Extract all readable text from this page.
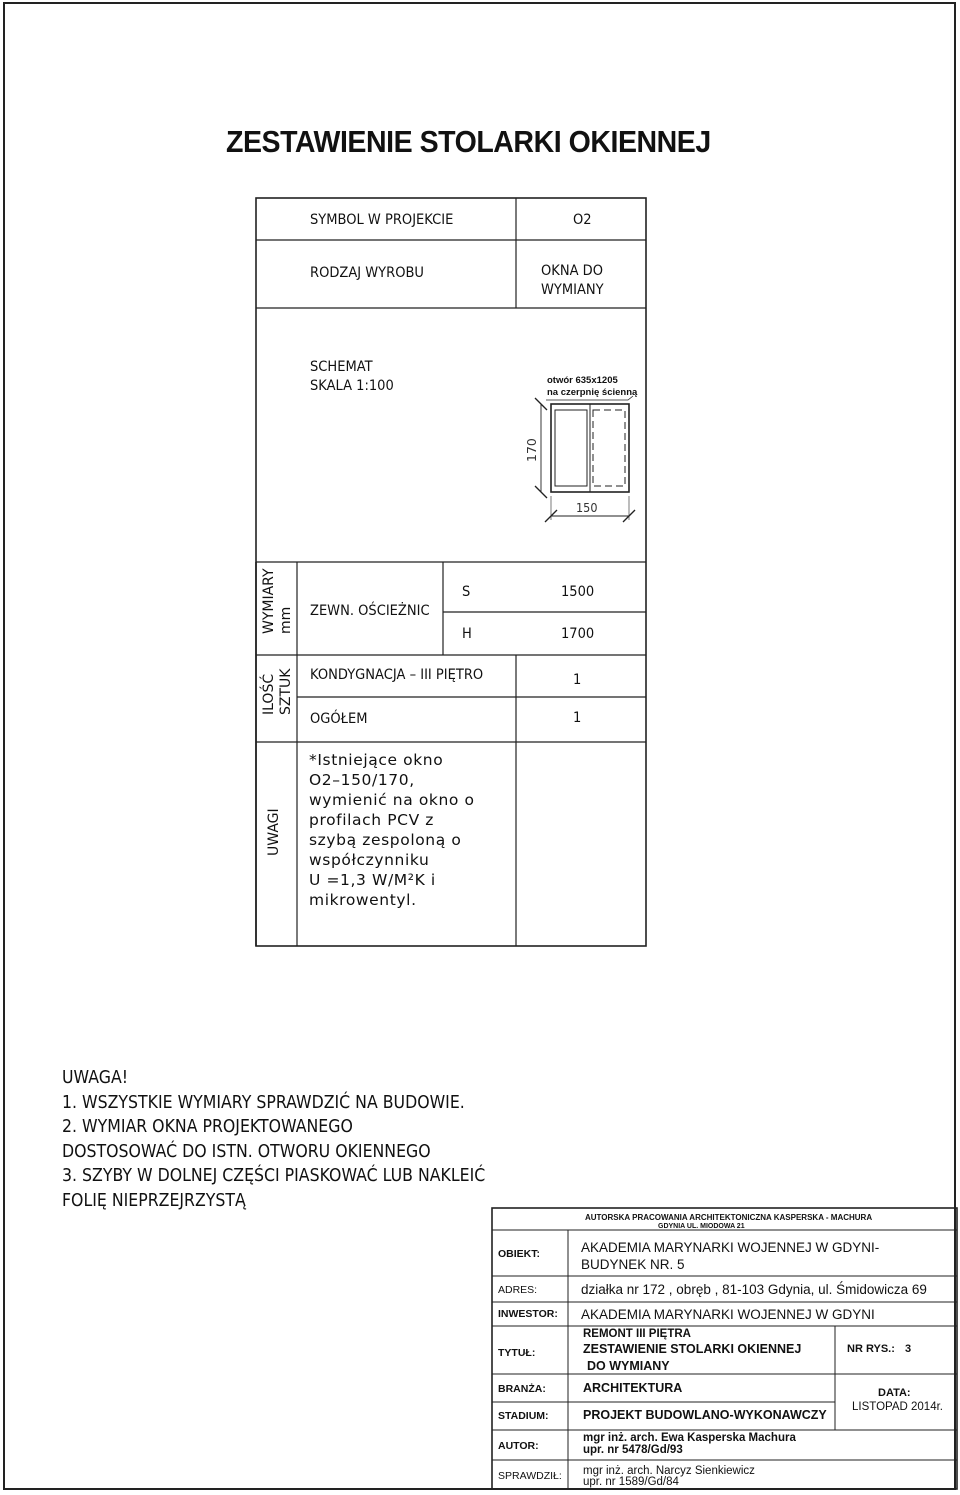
ZESTAWIENIE STOLARKI OKIENNEJ
SYMBOL W PROJEKCIE	O2
RODZAJ WYROBU	OKNA DO
WYMIANY
SCHEMAT
SKALA 1:100	otwór 635x1205
na czerpnię ścienną
170
150
WYMIARY mm ZEWN. OŚCIEŻNIC
S	1500
H	1700
ILOŚĆ SZTUK KONDYGNACJA – III PIĘTRO	1
OGÓŁEM	1
UWAGI
*Istniejące okno
O2–150/170,
wymienić na okno o
profilach PCV z
szybą zespoloną o
współczynniku
U =1,3 W/M²K i
mikrowentyl.
UWAGA!
1. WSZYSTKIE WYMIARY SPRAWDZIĆ NA BUDOWIE.
2. WYMIAR OKNA PROJEKTOWANEGO
DOSTOSOWAĆ DO ISTN. OTWORU OKIENNEGO
3. SZYBY W DOLNEJ CZĘŚCI PIASKOWAĆ LUB NAKLEIĆ
FOLIĘ NIEPRZEJRZYSTĄ
AUTORSKA PRACOWANIA ARCHITEKTONICZNA KASPERSKA - MACHURA
GDYNIA UL. MIODOWA 21
OBIEKT:	AKADEMIA MARYNARKI WOJENNEJ W GDYNI-
BUDYNEK NR. 5
ADRES:	działka nr 172 , obręb , 81-103 Gdynia, ul. Śmidowicza 69
INWESTOR: AKADEMIA MARYNARKI WOJENNEJ W GDYNI
TYTUŁ:
REMONT III PIĘTRA
ZESTAWIENIE STOLARKI OKIENNEJ
DO WYMIANY
NR RYS.: 3
BRANŻA:	ARCHITEKTURA	DATA:
LISTOPAD 2014r.
STADIUM:	PROJEKT BUDOWLANO-WYKONAWCZY
AUTOR:
mgr inż. arch. Ewa Kasperska Machura
upr. nr 5478/Gd/93
SPRAWDZIŁ: mgr inż. arch. Narcyz Sienkiewicz
upr. nr 1589/Gd/84
